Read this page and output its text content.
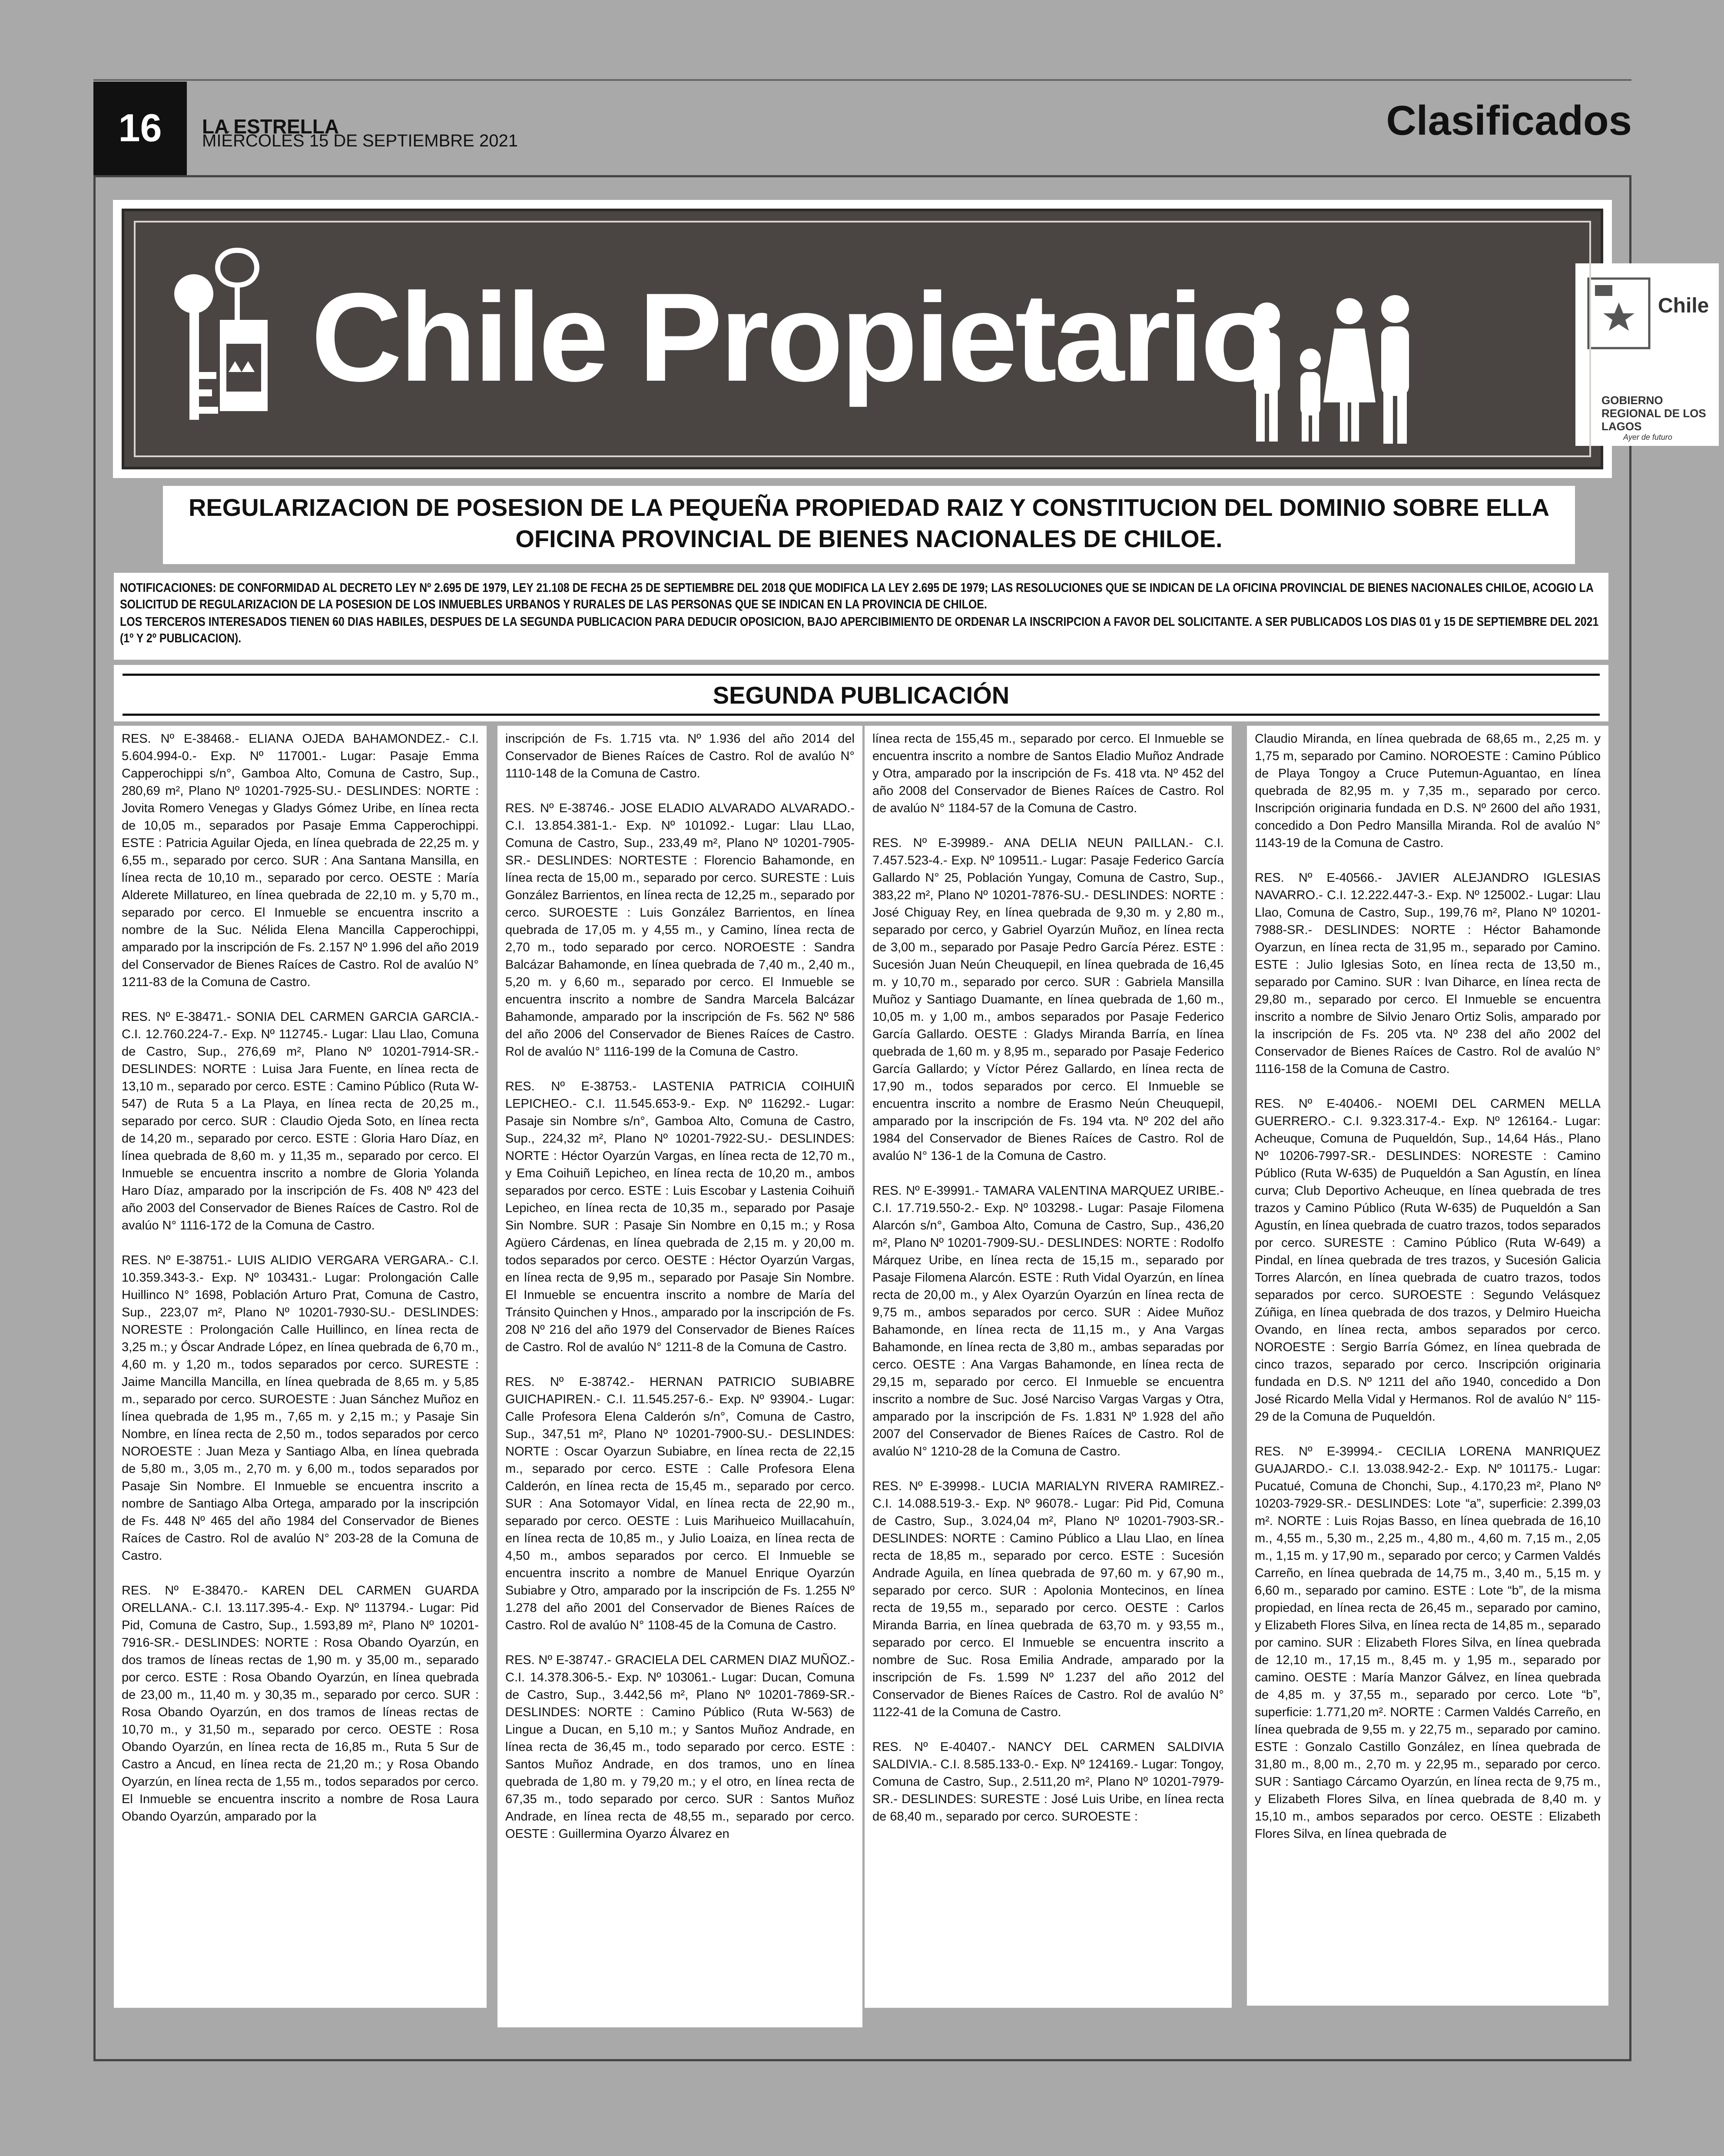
16	LA ESTRELLA
MIÉRCOLES 15 DE SEPTIEMBRE 2021	Clasificados
Chile Propietario	Chile
GOBIERNO REGIONAL DE LOS LAGOS
Ayer de futuro
REGULARIZACION DE POSESION DE LA PEQUEÑA PROPIEDAD RAIZ Y CONSTITUCION DEL DOMINIO SOBRE ELLA OFICINA PROVINCIAL DE BIENES NACIONALES DE CHILOE.

NOTIFICACIONES: DE CONFORMIDAD AL DECRETO LEY Nº 2.695 DE 1979, LEY 21.108 DE FECHA 25 DE SEPTIEMBRE DEL 2018 QUE MODIFICA LA LEY 2.695 DE 1979; LAS RESOLUCIONES QUE SE INDICAN DE LA OFICINA PROVINCIAL DE BIENES NACIONALES CHILOE, ACOGIO LA SOLICITUD DE REGULARIZACION DE LA POSESION DE LOS INMUEBLES URBANOS Y RURALES DE LAS PERSONAS QUE SE INDICAN EN LA PROVINCIA DE CHILOE.

LOS TERCEROS INTERESADOS TIENEN 60 DIAS HABILES, DESPUES DE LA SEGUNDA PUBLICACION PARA DEDUCIR OPOSICION, BAJO APERCIBIMIENTO DE ORDENAR LA INSCRIPCION A FAVOR DEL SOLICITANTE. A SER PUBLICADOS LOS DIAS 01 y 15 DE SEPTIEMBRE DEL 2021 (1º Y 2º PUBLICACION).

SEGUNDA PUBLICACIÓN

RES. Nº E-38468.- ELIANA OJEDA BAHAMONDEZ.- C.I. 5.604.994-0.- Exp. Nº 117001.- Lugar: Pasaje Emma Capperochippi s/n°, Gamboa Alto, Comuna de Castro, Sup., 280,69 m², Plano Nº 10201-7925-SU.- DESLINDES: NORTE : Jovita Romero Venegas y Gladys Gómez Uribe, en línea recta de 10,05 m., separados por Pasaje Emma Capperochippi. ESTE : Patricia Aguilar Ojeda, en línea quebrada de 22,25 m. y 6,55 m., separado por cerco. SUR : Ana Santana Mansilla, en línea recta de 10,10 m., separado por cerco. OESTE : María Alderete Millatureo, en línea quebrada de 22,10 m. y 5,70 m., separado por cerco. El Inmueble se encuentra inscrito a nombre de la Suc. Nélida Elena Mancilla Capperochippi, amparado por la inscripción de Fs. 2.157 Nº 1.996 del año 2019 del Conservador de Bienes Raíces de Castro. Rol de avalúo N° 1211-83 de la Comuna de Castro.

RES. Nº E-38471.- SONIA DEL CARMEN GARCIA GARCIA.- C.I. 12.760.224-7.- Exp. Nº 112745.- Lugar: Llau Llao, Comuna de Castro, Sup., 276,69 m², Plano Nº 10201-7914-SR.- DESLINDES: NORTE : Luisa Jara Fuente, en línea recta de 13,10 m., separado por cerco. ESTE : Camino Público (Ruta W-547) de Ruta 5 a La Playa, en línea recta de 20,25 m., separado por cerco. SUR : Claudio Ojeda Soto, en línea recta de 14,20 m., separado por cerco. ESTE : Gloria Haro Díaz, en línea quebrada de 8,60 m. y 11,35 m., separado por cerco. El Inmueble se encuentra inscrito a nombre de Gloria Yolanda Haro Díaz, amparado por la inscripción de Fs. 408 Nº 423 del año 2003 del Conservador de Bienes Raíces de Castro. Rol de avalúo N° 1116-172 de la Comuna de Castro.

RES. Nº E-38751.- LUIS ALIDIO VERGARA VERGARA.- C.I. 10.359.343-3.- Exp. Nº 103431.- Lugar: Prolongación Calle Huillinco N° 1698, Población Arturo Prat, Comuna de Castro, Sup., 223,07 m², Plano Nº 10201-7930-SU.- DESLINDES: NORESTE : Prolongación Calle Huillinco, en línea recta de 3,25 m.; y Óscar Andrade López, en línea quebrada de 6,70 m., 4,60 m. y 1,20 m., todos separados por cerco. SURESTE : Jaime Mancilla Mancilla, en línea quebrada de 8,65 m. y 5,85 m., separado por cerco. SUROESTE : Juan Sánchez Muñoz en línea quebrada de 1,95 m., 7,65 m. y 2,15 m.; y Pasaje Sin Nombre, en línea recta de 2,50 m., todos separados por cerco NOROESTE : Juan Meza y Santiago Alba, en línea quebrada de 5,80 m., 3,05 m., 2,70 m. y 6,00 m., todos separados por Pasaje Sin Nombre. El Inmueble se encuentra inscrito a nombre de Santiago Alba Ortega, amparado por la inscripción de Fs. 448 Nº 465 del año 1984 del Conservador de Bienes Raíces de Castro. Rol de avalúo N° 203-28 de la Comuna de Castro.

RES. Nº E-38470.- KAREN DEL CARMEN GUARDA ORELLANA.- C.I. 13.117.395-4.- Exp. Nº 113794.- Lugar: Pid Pid, Comuna de Castro, Sup., 1.593,89 m², Plano Nº 10201-7916-SR.- DESLINDES: NORTE : Rosa Obando Oyarzún, en dos tramos de líneas rectas de 1,90 m. y 35,00 m., separado por cerco. ESTE : Rosa Obando Oyarzún, en línea quebrada de 23,00 m., 11,40 m. y 30,35 m., separado por cerco. SUR : Rosa Obando Oyarzún, en dos tramos de líneas rectas de 10,70 m., y 31,50 m., separado por cerco. OESTE : Rosa Obando Oyarzún, en línea recta de 16,85 m., Ruta 5 Sur de Castro a Ancud, en línea recta de 21,20 m.; y Rosa Obando Oyarzún, en línea recta de 1,55 m., todos separados por cerco. El Inmueble se encuentra inscrito a nombre de Rosa Laura Obando Oyarzún, amparado por la

inscripción de Fs. 1.715 vta. Nº 1.936 del año 2014 del Conservador de Bienes Raíces de Castro. Rol de avalúo N° 1110-148 de la Comuna de Castro.

RES. Nº E-38746.- JOSE ELADIO ALVARADO ALVARADO.- C.I. 13.854.381-1.- Exp. Nº 101092.- Lugar: Llau LLao, Comuna de Castro, Sup., 233,49 m², Plano Nº 10201-7905-SR.- DESLINDES: NORTESTE : Florencio Bahamonde, en línea recta de 15,00 m., separado por cerco. SURESTE : Luis González Barrientos, en línea recta de 12,25 m., separado por cerco. SUROESTE : Luis González Barrientos, en línea quebrada de 17,05 m. y 4,55 m., y Camino, línea recta de 2,70 m., todo separado por cerco. NOROESTE : Sandra Balcázar Bahamonde, en línea quebrada de 7,40 m., 2,40 m., 5,20 m. y 6,60 m., separado por cerco. El Inmueble se encuentra inscrito a nombre de Sandra Marcela Balcázar Bahamonde, amparado por la inscripción de Fs. 562 Nº 586 del año 2006 del Conservador de Bienes Raíces de Castro. Rol de avalúo N° 1116-199 de la Comuna de Castro.

RES. Nº E-38753.- LASTENIA PATRICIA COIHUIÑ LEPICHEO.- C.I. 11.545.653-9.- Exp. Nº 116292.- Lugar: Pasaje sin Nombre s/n°, Gamboa Alto, Comuna de Castro, Sup., 224,32 m², Plano Nº 10201-7922-SU.- DESLINDES: NORTE : Héctor Oyarzún Vargas, en línea recta de 12,70 m., y Ema Coihuiñ Lepicheo, en línea recta de 10,20 m., ambos separados por cerco. ESTE : Luis Escobar y Lastenia Coihuiñ Lepicheo, en línea recta de 10,35 m., separado por Pasaje Sin Nombre. SUR : Pasaje Sin Nombre en 0,15 m.; y Rosa Agüero Cárdenas, en línea quebrada de 2,15 m. y 20,00 m. todos separados por cerco. OESTE : Héctor Oyarzún Vargas, en línea recta de 9,95 m., separado por Pasaje Sin Nombre. El Inmueble se encuentra inscrito a nombre de María del Tránsito Quinchen y Hnos., amparado por la inscripción de Fs. 208 Nº 216 del año 1979 del Conservador de Bienes Raíces de Castro. Rol de avalúo N° 1211-8 de la Comuna de Castro.

RES. Nº E-38742.- HERNAN PATRICIO SUBIABRE GUICHAPIREN.- C.I. 11.545.257-6.- Exp. Nº 93904.- Lugar: Calle Profesora Elena Calderón s/n°, Comuna de Castro, Sup., 347,51 m², Plano Nº 10201-7900-SU.- DESLINDES: NORTE : Oscar Oyarzun Subiabre, en línea recta de 22,15 m., separado por cerco. ESTE : Calle Profesora Elena Calderón, en línea recta de 15,45 m., separado por cerco. SUR : Ana Sotomayor Vidal, en línea recta de 22,90 m., separado por cerco. OESTE : Luis Marihueico Muillacahuín, en línea recta de 10,85 m., y Julio Loaiza, en línea recta de 4,50 m., ambos separados por cerco. El Inmueble se encuentra inscrito a nombre de Manuel Enrique Oyarzún Subiabre y Otro, amparado por la inscripción de Fs. 1.255 Nº 1.278 del año 2001 del Conservador de Bienes Raíces de Castro. Rol de avalúo N° 1108-45 de la Comuna de Castro.

RES. Nº E-38747.- GRACIELA DEL CARMEN DIAZ MUÑOZ.- C.I. 14.378.306-5.- Exp. Nº 103061.- Lugar: Ducan, Comuna de Castro, Sup., 3.442,56 m², Plano Nº 10201-7869-SR.- DESLINDES: NORTE : Camino Público (Ruta W-563) de Lingue a Ducan, en 5,10 m.; y Santos Muñoz Andrade, en línea recta de 36,45 m., todo separado por cerco. ESTE : Santos Muñoz Andrade, en dos tramos, uno en línea quebrada de 1,80 m. y 79,20 m.; y el otro, en línea recta de 67,35 m., todo separado por cerco. SUR : Santos Muñoz Andrade, en línea recta de 48,55 m., separado por cerco. OESTE : Guillermina Oyarzo Álvarez en

línea recta de 155,45 m., separado por cerco. El Inmueble se encuentra inscrito a nombre de Santos Eladio Muñoz Andrade y Otra, amparado por la inscripción de Fs. 418 vta. Nº 452 del año 2008 del Conservador de Bienes Raíces de Castro. Rol de avalúo N° 1184-57 de la Comuna de Castro.

RES. Nº E-39989.- ANA DELIA NEUN PAILLAN.- C.I. 7.457.523-4.- Exp. Nº 109511.- Lugar: Pasaje Federico García Gallardo N° 25, Población Yungay, Comuna de Castro, Sup., 383,22 m², Plano Nº 10201-7876-SU.- DESLINDES: NORTE : José Chiguay Rey, en línea quebrada de 9,30 m. y 2,80 m., separado por cerco, y Gabriel Oyarzún Muñoz, en línea recta de 3,00 m., separado por Pasaje Pedro García Pérez. ESTE : Sucesión Juan Neún Cheuquepil, en línea quebrada de 16,45 m. y 10,70 m., separado por cerco. SUR : Gabriela Mansilla Muñoz y Santiago Duamante, en línea quebrada de 1,60 m., 10,05 m. y 1,00 m., ambos separados por Pasaje Federico García Gallardo. OESTE : Gladys Miranda Barría, en línea quebrada de 1,60 m. y 8,95 m., separado por Pasaje Federico García Gallardo; y Víctor Pérez Gallardo, en línea recta de 17,90 m., todos separados por cerco. El Inmueble se encuentra inscrito a nombre de Erasmo Neún Cheuquepil, amparado por la inscripción de Fs. 194 vta. Nº 202 del año 1984 del Conservador de Bienes Raíces de Castro. Rol de avalúo N° 136-1 de la Comuna de Castro.

RES. Nº E-39991.- TAMARA VALENTINA MARQUEZ URIBE.- C.I. 17.719.550-2.- Exp. Nº 103298.- Lugar: Pasaje Filomena Alarcón s/n°, Gamboa Alto, Comuna de Castro, Sup., 436,20 m², Plano Nº 10201-7909-SU.- DESLINDES: NORTE : Rodolfo Márquez Uribe, en línea recta de 15,15 m., separado por Pasaje Filomena Alarcón. ESTE : Ruth Vidal Oyarzún, en línea recta de 20,00 m., y Alex Oyarzún Oyarzún en línea recta de 9,75 m., ambos separados por cerco. SUR : Aidee Muñoz Bahamonde, en línea recta de 11,15 m., y Ana Vargas Bahamonde, en línea recta de 3,80 m., ambas separadas por cerco. OESTE : Ana Vargas Bahamonde, en línea recta de 29,15 m, separado por cerco. El Inmueble se encuentra inscrito a nombre de Suc. José Narciso Vargas Vargas y Otra, amparado por la inscripción de Fs. 1.831 Nº 1.928 del año 2007 del Conservador de Bienes Raíces de Castro. Rol de avalúo N° 1210-28 de la Comuna de Castro.

RES. Nº E-39998.- LUCIA MARIALYN RIVERA RAMIREZ.- C.I. 14.088.519-3.- Exp. Nº 96078.- Lugar: Pid Pid, Comuna de Castro, Sup., 3.024,04 m², Plano Nº 10201-7903-SR.- DESLINDES: NORTE : Camino Público a Llau Llao, en línea recta de 18,85 m., separado por cerco. ESTE : Sucesión Andrade Aguila, en línea quebrada de 97,60 m. y 67,90 m., separado por cerco. SUR : Apolonia Montecinos, en línea recta de 19,55 m., separado por cerco. OESTE : Carlos Miranda Barria, en línea quebrada de 63,70 m. y 93,55 m., separado por cerco. El Inmueble se encuentra inscrito a nombre de Suc. Rosa Emilia Andrade, amparado por la inscripción de Fs. 1.599 Nº 1.237 del año 2012 del Conservador de Bienes Raíces de Castro. Rol de avalúo N° 1122-41 de la Comuna de Castro.

RES. Nº E-40407.- NANCY DEL CARMEN SALDIVIA SALDIVIA.- C.I. 8.585.133-0.- Exp. Nº 124169.- Lugar: Tongoy, Comuna de Castro, Sup., 2.511,20 m², Plano Nº 10201-7979-SR.- DESLINDES: SURESTE : José Luis Uribe, en línea recta de 68,40 m., separado por cerco. SUROESTE :

Claudio Miranda, en línea quebrada de 68,65 m., 2,25 m. y 1,75 m, separado por Camino. NOROESTE : Camino Público de Playa Tongoy a Cruce Putemun-Aguantao, en línea quebrada de 82,95 m. y 7,35 m., separado por cerco. Inscripción originaria fundada en D.S. Nº 2600 del año 1931, concedido a Don Pedro Mansilla Miranda. Rol de avalúo N° 1143-19 de la Comuna de Castro.

RES. Nº E-40566.- JAVIER ALEJANDRO IGLESIAS NAVARRO.- C.I. 12.222.447-3.- Exp. Nº 125002.- Lugar: Llau Llao, Comuna de Castro, Sup., 199,76 m², Plano Nº 10201-7988-SR.- DESLINDES: NORTE : Héctor Bahamonde Oyarzun, en línea recta de 31,95 m., separado por Camino. ESTE : Julio Iglesias Soto, en línea recta de 13,50 m., separado por Camino. SUR : Ivan Diharce, en línea recta de 29,80 m., separado por cerco. El Inmueble se encuentra inscrito a nombre de Silvio Jenaro Ortiz Solis, amparado por la inscripción de Fs. 205 vta. Nº 238 del año 2002 del Conservador de Bienes Raíces de Castro. Rol de avalúo N° 1116-158 de la Comuna de Castro.

RES. Nº E-40406.- NOEMI DEL CARMEN MELLA GUERRERO.- C.I. 9.323.317-4.- Exp. Nº 126164.- Lugar: Acheuque, Comuna de Puqueldón, Sup., 14,64 Hás., Plano Nº 10206-7997-SR.- DESLINDES: NORESTE : Camino Público (Ruta W-635) de Puqueldón a San Agustín, en línea curva; Club Deportivo Acheuque, en línea quebrada de tres trazos y Camino Público (Ruta W-635) de Puqueldón a San Agustín, en línea quebrada de cuatro trazos, todos separados por cerco. SURESTE : Camino Público (Ruta W-649) a Pindal, en línea quebrada de tres trazos, y Sucesión Galicia Torres Alarcón, en línea quebrada de cuatro trazos, todos separados por cerco. SUROESTE : Segundo Velásquez Zúñiga, en línea quebrada de dos trazos, y Delmiro Hueicha Ovando, en línea recta, ambos separados por cerco. NOROESTE : Sergio Barría Gómez, en línea quebrada de cinco trazos, separado por cerco. Inscripción originaria fundada en D.S. Nº 1211 del año 1940, concedido a Don José Ricardo Mella Vidal y Hermanos. Rol de avalúo N° 115-29 de la Comuna de Puqueldón.

RES. Nº E-39994.- CECILIA LORENA MANRIQUEZ GUAJARDO.- C.I. 13.038.942-2.- Exp. Nº 101175.- Lugar: Pucatué, Comuna de Chonchi, Sup., 4.170,23 m², Plano Nº 10203-7929-SR.- DESLINDES: Lote “a”, superficie: 2.399,03 m². NORTE : Luis Rojas Basso, en línea quebrada de 16,10 m., 4,55 m., 5,30 m., 2,25 m., 4,80 m., 4,60 m. 7,15 m., 2,05 m., 1,15 m. y 17,90 m., separado por cerco; y Carmen Valdés Carreño, en línea quebrada de 14,75 m., 3,40 m., 5,15 m. y 6,60 m., separado por camino. ESTE : Lote “b”, de la misma propiedad, en línea recta de 26,45 m., separado por camino, y Elizabeth Flores Silva, en línea recta de 14,85 m., separado por camino. SUR : Elizabeth Flores Silva, en línea quebrada de 12,10 m., 17,15 m., 8,45 m. y 1,95 m., separado por camino. OESTE : María Manzor Gálvez, en línea quebrada de 4,85 m. y 37,55 m., separado por cerco. Lote “b”, superficie: 1.771,20 m². NORTE : Carmen Valdés Carreño, en línea quebrada de 9,55 m. y 22,75 m., separado por camino. ESTE : Gonzalo Castillo González, en línea quebrada de 31,80 m., 8,00 m., 2,70 m. y 22,95 m., separado por cerco. SUR : Santiago Cárcamo Oyarzún, en línea recta de 9,75 m., y Elizabeth Flores Silva, en línea quebrada de 8,40 m. y 15,10 m., ambos separados por cerco. OESTE : Elizabeth Flores Silva, en línea quebrada de
